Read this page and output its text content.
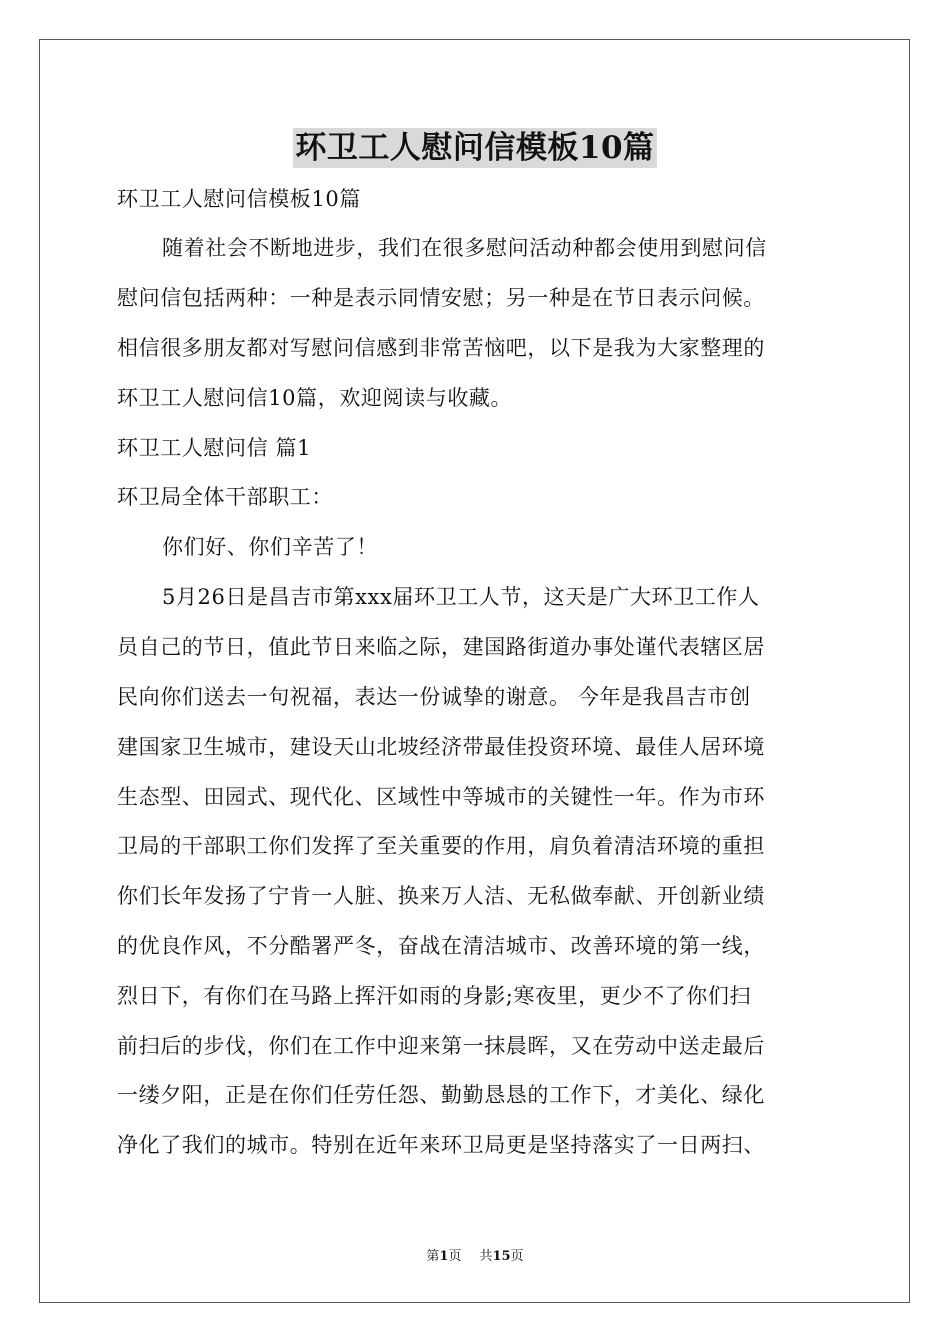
环卫工人慰问信模板10篇
环卫工人慰问信模板10篇
随着社会不断地进步，我们在很多慰问活动种都会使用到慰问信
慰问信包括两种：一种是表示同情安慰；另一种是在节日表示问候。
相信很多朋友都对写慰问信感到非常苦恼吧，以下是我为大家整理的
环卫工人慰问信10篇，欢迎阅读与收藏。
环卫工人慰问信 篇1
环卫局全体干部职工：
你们好、你们辛苦了！
5月26日是昌吉市第xxx届环卫工人节，这天是广大环卫工作人
员自己的节日，值此节日来临之际，建国路街道办事处谨代表辖区居
民向你们送去一句祝福，表达一份诚挚的谢意。 今年是我昌吉市创
建国家卫生城市，建设天山北坡经济带最佳投资环境、最佳人居环境
生态型、田园式、现代化、区域性中等城市的关键性一年。作为市环
卫局的干部职工你们发挥了至关重要的作用，肩负着清洁环境的重担
你们长年发扬了宁肯一人脏、换来万人洁、无私做奉献、开创新业绩
的优良作风，不分酷署严冬，奋战在清洁城市、改善环境的第一线，
烈日下，有你们在马路上挥汗如雨的身影;寒夜里，更少不了你们扫
前扫后的步伐，你们在工作中迎来第一抹晨晖，又在劳动中送走最后
一缕夕阳，正是在你们任劳任怨、勤勤恳恳的工作下，才美化、绿化
净化了我们的城市。特别在近年来环卫局更是坚持落实了一日两扫、
第1页 共15页
